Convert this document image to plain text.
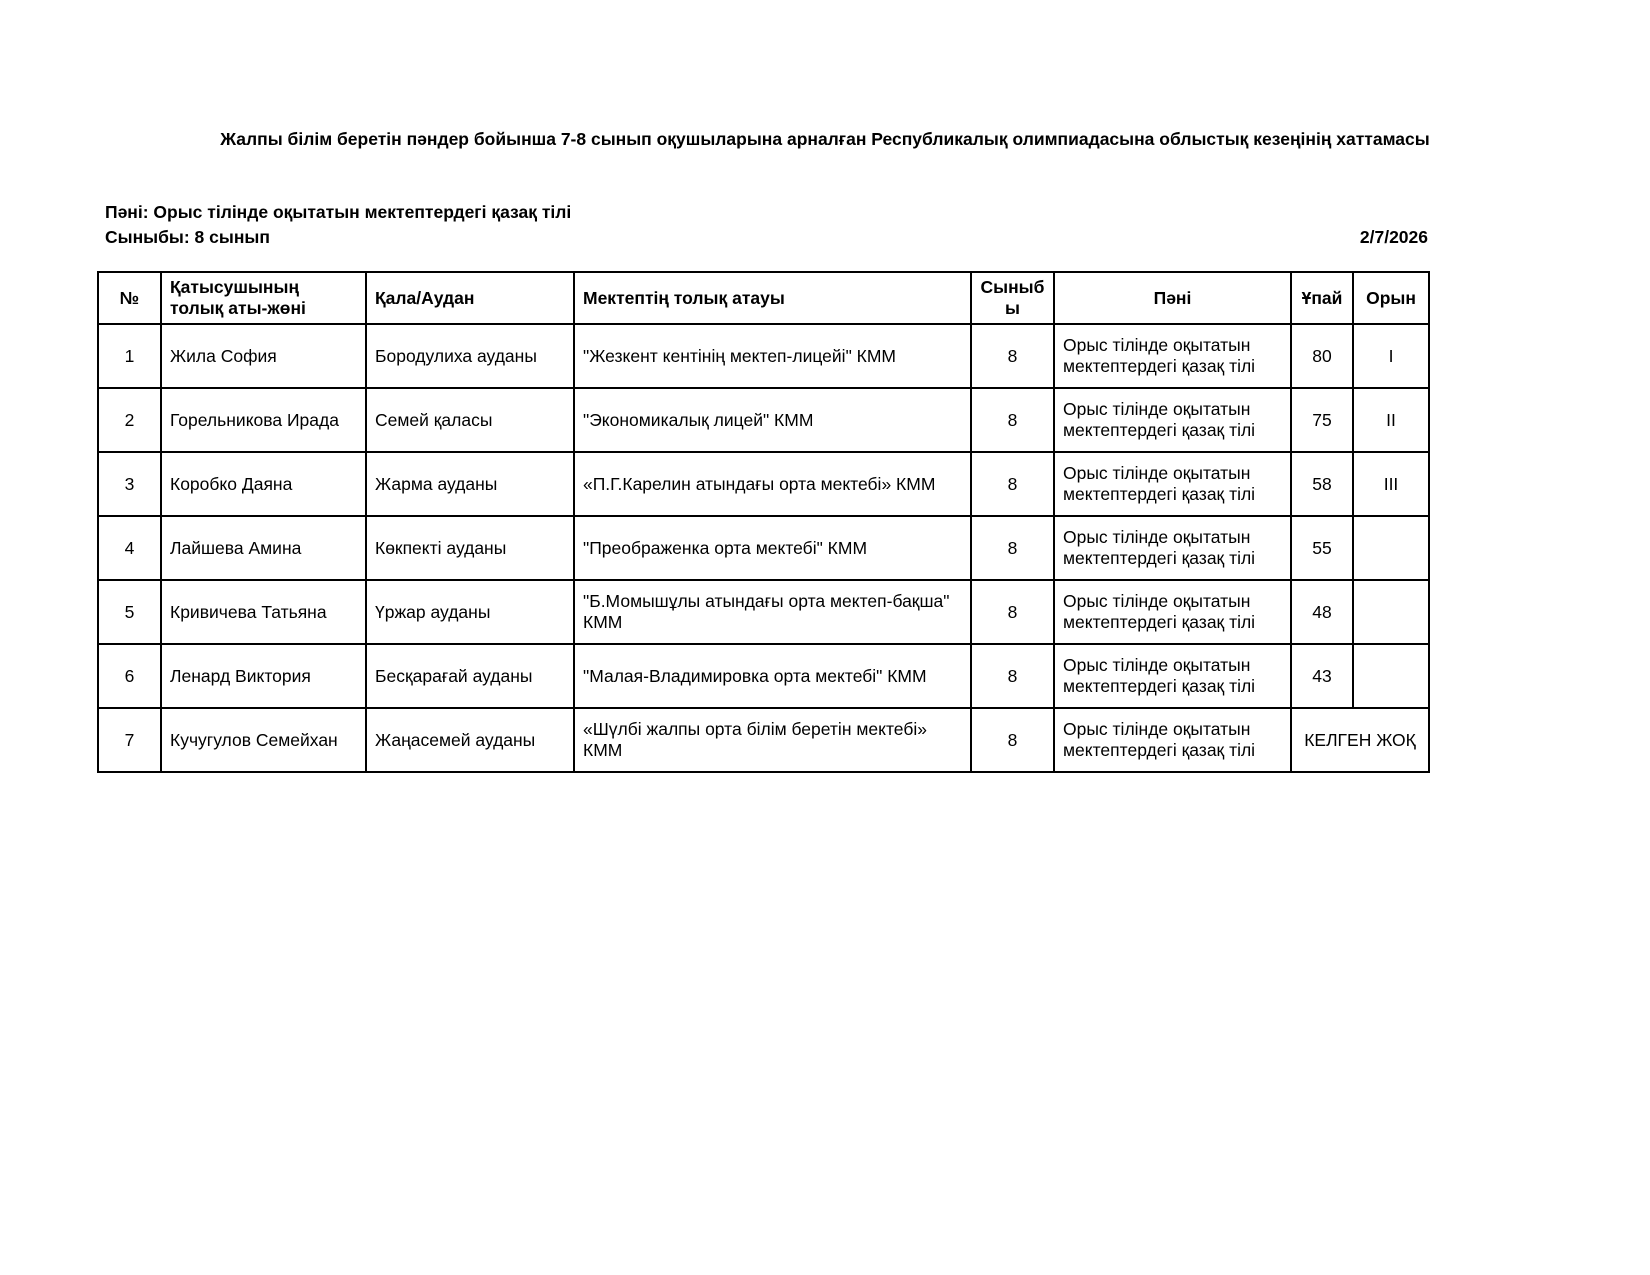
Жалпы білім беретін пәндер бойынша 7-8 сынып оқушыларына арналған Республикалық олимпиадасына облыстық кезеңінің хаттамасы
Пәні: Орыс тілінде оқытатын мектептердегі қазақ тілі
Сыныбы: 8 сынып	2/7/2026
№	Қатысушының толық аты-жөні	Қала/Аудан	Мектептің толық атауы	Сыныбы	Пәні	Ұпай	Орын
1	Жила София	Бородулиха ауданы	"Жезкент кентінің мектеп-лицейі" КММ	8	Орыс тілінде оқытатын мектептердегі қазақ тілі	80	I
2	Горельникова Ирада	Семей қаласы	"Экономикалық лицей" КММ	8	Орыс тілінде оқытатын мектептердегі қазақ тілі	75	II
3	Коробко Даяна	Жарма ауданы	«П.Г.Карелин атындағы орта мектебі» КММ	8	Орыс тілінде оқытатын мектептердегі қазақ тілі	58	III
4	Лайшева Амина	Көкпекті ауданы	"Преображенка орта мектебі" КММ	8	Орыс тілінде оқытатын мектептердегі қазақ тілі	55	
5	Кривичева Татьяна	Үржар ауданы	"Б.Момышұлы атындағы орта мектеп-бақша" КММ	8	Орыс тілінде оқытатын мектептердегі қазақ тілі	48	
6	Ленард Виктория	Бесқарағай ауданы	"Малая-Владимировка орта мектебі" КММ	8	Орыс тілінде оқытатын мектептердегі қазақ тілі	43	
7	Кучугулов Семейхан	Жаңасемей ауданы	«Шүлбі жалпы орта білім беретін мектебі» КММ	8	Орыс тілінде оқытатын мектептердегі қазақ тілі	КЕЛГЕН ЖОҚ	
